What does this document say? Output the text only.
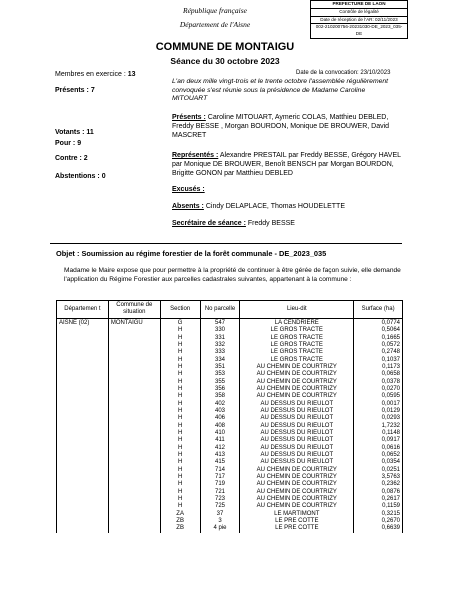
République française
Département de l'Aisne
PREFECTURE DE LAON
Contrôle de légalité
Date de réception de l'AR: 02/11/2023
002-210200756-20231030-DE_2023_035-DE
COMMUNE DE MONTAIGU
Séance du 30 octobre 2023
Membres en exercice : 13
Présents : 7
Votants : 11
Pour : 9
Contre : 2
Abstentions : 0
Date de la convocation: 23/10/2023
L'an deux mille vingt-trois et le trente octobre l'assemblée régulièrement convoquée s'est réunie sous la présidence de Madame Caroline MITOUART
Présents : Caroline MITOUART, Aymeric COLAS, Matthieu DEBLED, Freddy BESSE , Morgan BOURDON, Monique DE BROUWER, David MASCRET
Représentés : Alexandre PRESTAIL par Freddy BESSE, Grégory HAVEL par Monique DE BROUWER, Benoît BENSCH par Morgan BOURDON, Brigitte GONON par Matthieu DEBLED
Excusés :
Absents : Cindy DELAPLACE, Thomas HOUDELETTE
Secrétaire de séance : Freddy BESSE
Objet : Soumission au régime forestier de la forêt communale - DE_2023_035
Madame le Maire expose que pour permettre à la propriété de continuer à être gérée de façon suivie, elle demande l'application du Régime Forestier aux parcelles cadastrales suivantes, appartenant à la commune :
Départemen t	Commune de situation	Section	No parcelle	Lieu-dit	Surface (ha)
AISNE (02)	MONTAIGU	G	547	LA CENDRIERE	0,0774
		H	330	LE GROS TRACTE	0,5064
		H	331	LE GROS TRACTE	0,1665
		H	332	LE GROS TRACTE	0,0572
		H	333	LE GROS TRACTE	0,2748
		H	334	LE GROS TRACTE	0,1037
		H	351	AU CHEMIN DE COURTRIZY	0,1173
		H	353	AU CHEMIN DE COURTRIZY	0,0658
		H	355	AU CHEMIN DE COURTRIZY	0,0378
		H	356	AU CHEMIN DE COURTRIZY	0,0270
		H	358	AU CHEMIN DE COURTRIZY	0,0595
		H	402	AU DESSUS DU RIEULOT	0,0017
		H	403	AU DESSUS DU RIEULOT	0,0129
		H	406	AU DESSUS DU RIEULOT	0,0293
		H	408	AU DESSUS DU RIEULOT	1,7232
		H	410	AU DESSUS DU RIEULOT	0,1148
		H	411	AU DESSUS DU RIEULOT	0,0917
		H	412	AU DESSUS DU RIEULOT	0,0616
		H	413	AU DESSUS DU RIEULOT	0,0652
		H	415	AU DESSUS DU RIEULOT	0,0354
		H	714	AU CHEMIN DE COURTRIZY	0,0251
		H	717	AU CHEMIN DE COURTRIZY	3,5763
		H	719	AU CHEMIN DE COURTRIZY	0,2362
		H	721	AU CHEMIN DE COURTRIZY	0,0876
		H	723	AU CHEMIN DE COURTRIZY	0,2617
		H	725	AU CHEMIN DE COURTRIZY	0,1159
		ZA	37	LE MARTIMONT	0,3215
		ZB	3	LE PRE COTTE	0,2670
		ZB	4 pie	LE PRE COTTE	0,6639
